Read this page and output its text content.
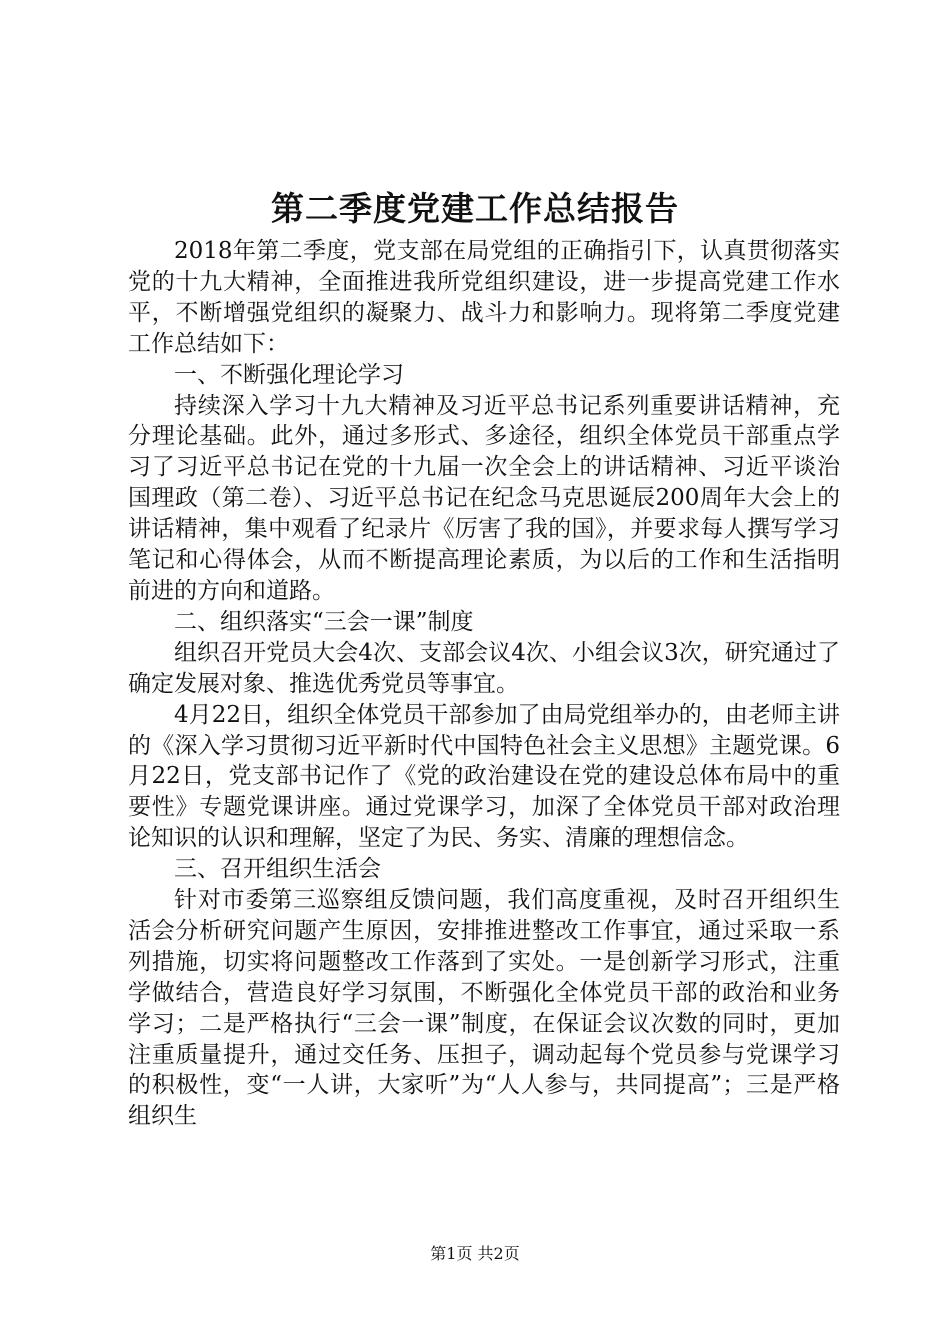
第二季度党建工作总结报告

2018年第二季度，党支部在局党组的正确指引下，认真贯彻落实党的十九大精神，全面推进我所党组织建设，进一步提高党建工作水平，不断增强党组织的凝聚力、战斗力和影响力。现将第二季度党建工作总结如下：

一、不断强化理论学习

持续深入学习十九大精神及习近平总书记系列重要讲话精神，充分理论基础。此外，通过多形式、多途径，组织全体党员干部重点学习了习近平总书记在党的十九届一次全会上的讲话精神、习近平谈治国理政（第二卷）、习近平总书记在纪念马克思诞辰200周年大会上的讲话精神，集中观看了纪录片《厉害了我的国》，并要求每人撰写学习笔记和心得体会，从而不断提高理论素质，为以后的工作和生活指明前进的方向和道路。

二、组织落实“三会一课”制度

组织召开党员大会4次、支部会议4次、小组会议3次，研究通过了确定发展对象、推选优秀党员等事宜。

4月22日，组织全体党员干部参加了由局党组举办的，由老师主讲的《深入学习贯彻习近平新时代中国特色社会主义思想》主题党课。6月22日，党支部书记作了《党的政治建设在党的建设总体布局中的重要性》专题党课讲座。通过党课学习，加深了全体党员干部对政治理论知识的认识和理解，坚定了为民、务实、清廉的理想信念。

三、召开组织生活会

针对市委第三巡察组反馈问题，我们高度重视，及时召开组织生活会分析研究问题产生原因，安排推进整改工作事宜，通过采取一系列措施，切实将问题整改工作落到了实处。一是创新学习形式，注重学做结合，营造良好学习氛围，不断强化全体党员干部的政治和业务学习；二是严格执行“三会一课”制度，在保证会议次数的同时，更加注重质量提升，通过交任务、压担子，调动起每个党员参与党课学习的积极性，变“一人讲，大家听”为“人人参与，共同提高”；三是严格组织生

第1页 共2页
